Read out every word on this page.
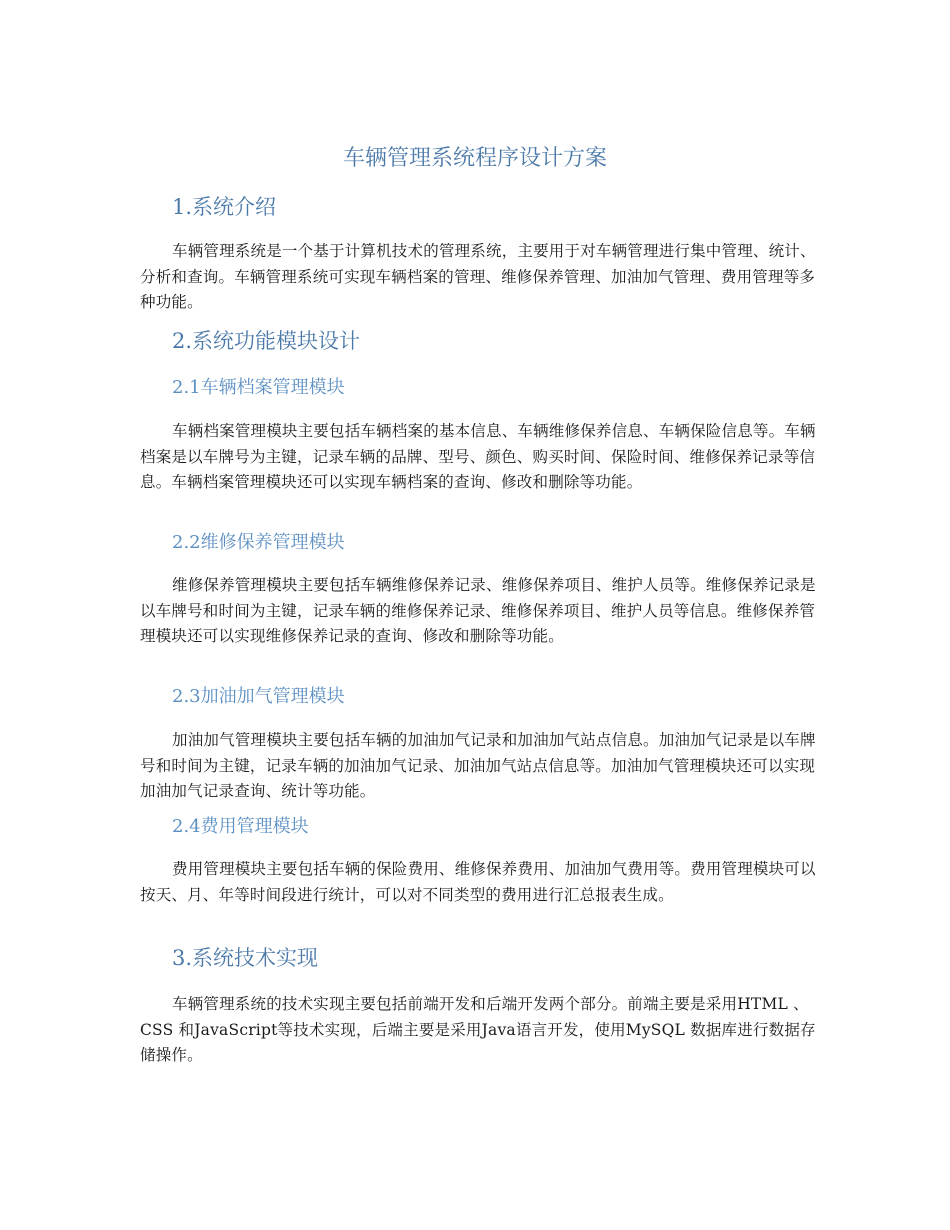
车辆管理系统程序设计方案
1.系统介绍

车辆管理系统是一个基于计算机技术的管理系统，主要用于对车辆管理进行集中管理、统计、分析和查询。车辆管理系统可实现车辆档案的管理、维修保养管理、加油加气管理、费用管理等多种功能。

2.系统功能模块设计
2.1车辆档案管理模块

车辆档案管理模块主要包括车辆档案的基本信息、车辆维修保养信息、车辆保险信息等。车辆档案是以车牌号为主键，记录车辆的品牌、型号、颜色、购买时间、保险时间、维修保养记录等信息。车辆档案管理模块还可以实现车辆档案的查询、修改和删除等功能。

2.2维修保养管理模块

维修保养管理模块主要包括车辆维修保养记录、维修保养项目、维护人员等。维修保养记录是以车牌号和时间为主键，记录车辆的维修保养记录、维修保养项目、维护人员等信息。维修保养管理模块还可以实现维修保养记录的查询、修改和删除等功能。

2.3加油加气管理模块

加油加气管理模块主要包括车辆的加油加气记录和加油加气站点信息。加油加气记录是以车牌号和时间为主键，记录车辆的加油加气记录、加油加气站点信息等。加油加气管理模块还可以实现加油加气记录查询、统计等功能。

2.4费用管理模块

费用管理模块主要包括车辆的保险费用、维修保养费用、加油加气费用等。费用管理模块可以按天、月、年等时间段进行统计，可以对不同类型的费用进行汇总报表生成。

3.系统技术实现

车辆管理系统的技术实现主要包括前端开发和后端开发两个部分。前端主要是采用HTML 、CSS 和JavaScript等技术实现，后端主要是采用Java语言开发，使用MySQL 数据库进行数据存储操作。
